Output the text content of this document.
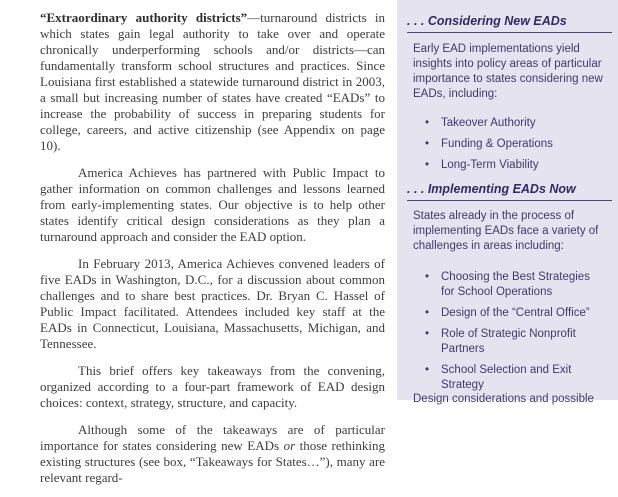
“Extraordinary authority districts”—turnaround districts in which states gain legal authority to take over and operate chronically underperforming schools and/or districts—can fundamentally transform school structures and practices. Since Louisiana first established a statewide turnaround district in 2003, a small but increasing number of states have created “EADs” to increase the probability of success in preparing students for college, careers, and active citizenship (see Appendix on page 10).

America Achieves has partnered with Public Impact to gather information on common challenges and lessons learned from early-implementing states. Our objective is to help other states identify critical design considerations as they plan a turnaround approach and consider the EAD option.

In February 2013, America Achieves convened leaders of five EADs in Washington, D.C., for a discussion about common challenges and to share best practices. Dr. Bryan C. Hassel of Public Impact facilitated. Attendees included key staff at the EADs in Connecticut, Louisiana, Massachusetts, Michigan, and Tennessee.

This brief offers key takeaways from the convening, organized according to a four-part framework of EAD design choices: context, strategy, structure, and capacity.

Although some of the takeaways are of particular importance for states considering new EADs or those rethinking existing structures (see box, “Takeaways for States…”), many are relevant regard-

. . . Considering New EADs
Early EAD implementations yield insights into policy areas of particular importance to states considering new EADs, including:
• Takeover Authority
• Funding & Operations
• Long-Term Viability
. . . Implementing EADs Now
States already in the process of implementing EADs face a variety of challenges in areas including:
• Choosing the Best Strategies for School Operations
• Design of the “Central Office”
• Role of Strategic Nonprofit Partners
• School Selection and Exit Strategy
Design considerations and possible
